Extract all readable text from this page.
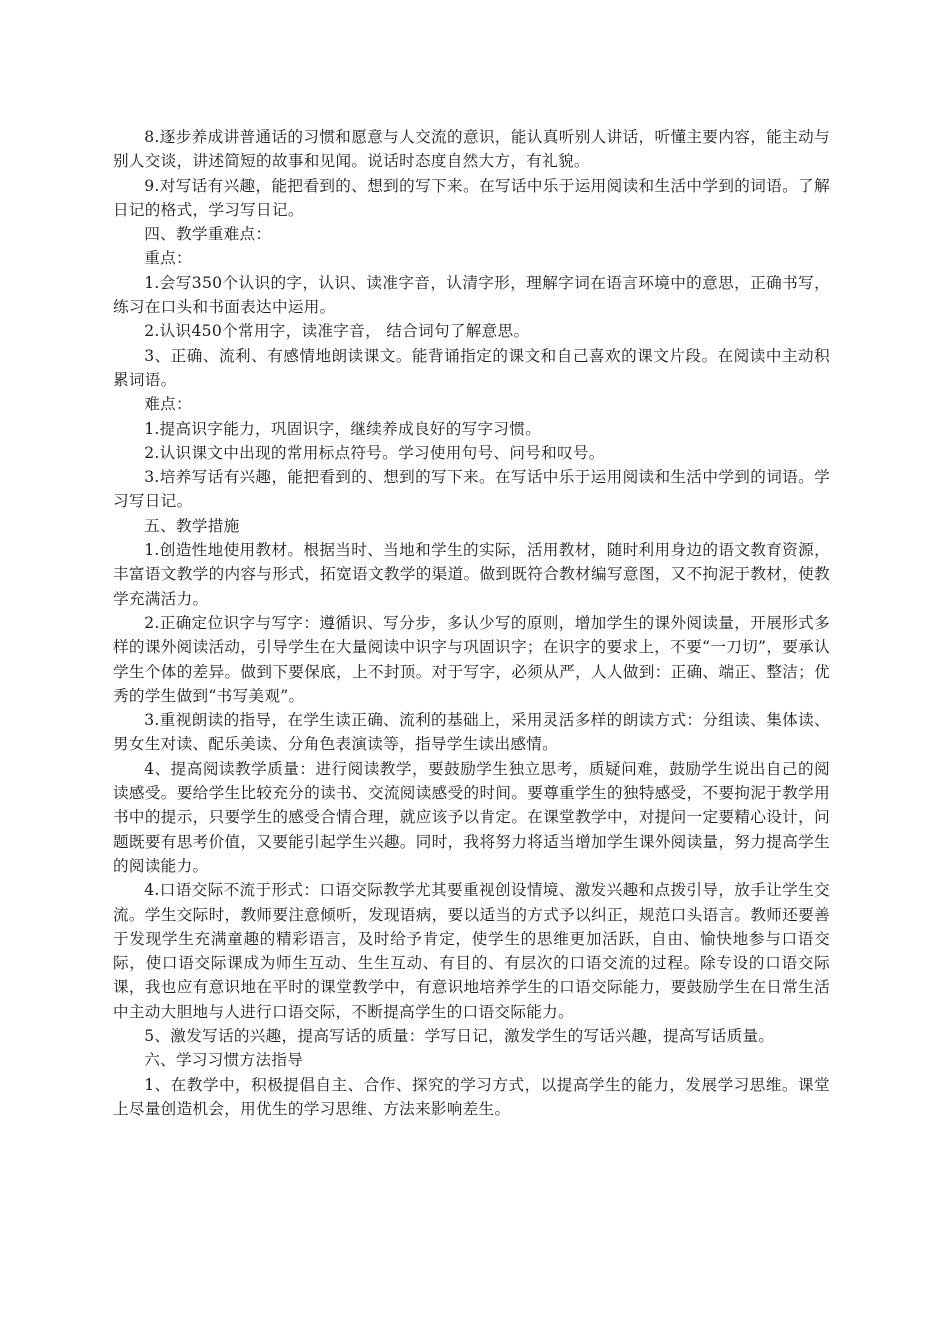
8.逐步养成讲普通话的习惯和愿意与人交流的意识，能认真听别人讲话，听懂主要内容，能主动与别人交谈，讲述简短的故事和见闻。说话时态度自然大方，有礼貌。

9.对写话有兴趣，能把看到的、想到的写下来。在写话中乐于运用阅读和生活中学到的词语。了解日记的格式，学习写日记。

四、教学重难点：

重点：

1.会写350个认识的字，认识、读准字音，认清字形，理解字词在语言环境中的意思，正确书写，练习在口头和书面表达中运用。

2.认识450个常用字，读准字音， 结合词句了解意思。

3、正确、流利、有感情地朗读课文。能背诵指定的课文和自己喜欢的课文片段。在阅读中主动积累词语。

难点：

1.提高识字能力，巩固识字，继续养成良好的写字习惯。

2.认识课文中出现的常用标点符号。学习使用句号、问号和叹号。

3.培养写话有兴趣，能把看到的、想到的写下来。在写话中乐于运用阅读和生活中学到的词语。学习写日记。

五、教学措施

1.创造性地使用教材。根据当时、当地和学生的实际，活用教材，随时利用身边的语文教育资源，丰富语文教学的内容与形式，拓宽语文教学的渠道。做到既符合教材编写意图，又不拘泥于教材，使教学充满活力。

2.正确定位识字与写字：遵循识、写分步，多认少写的原则，增加学生的课外阅读量，开展形式多样的课外阅读活动，引导学生在大量阅读中识字与巩固识字；在识字的要求上，不要“一刀切”，要承认学生个体的差异。做到下要保底，上不封顶。对于写字，必须从严，人人做到：正确、端正、整洁；优秀的学生做到“书写美观”。

3.重视朗读的指导，在学生读正确、流利的基础上，采用灵活多样的朗读方式：分组读、集体读、男女生对读、配乐美读、分角色表演读等，指导学生读出感情。

4、提高阅读教学质量：进行阅读教学，要鼓励学生独立思考，质疑问难，鼓励学生说出自己的阅读感受。要给学生比较充分的读书、交流阅读感受的时间。要尊重学生的独特感受，不要拘泥于教学用书中的提示，只要学生的感受合情合理，就应该予以肯定。在课堂教学中，对提问一定要精心设计，问题既要有思考价值，又要能引起学生兴趣。同时，我将努力将适当增加学生课外阅读量，努力提高学生的阅读能力。

4.口语交际不流于形式：口语交际教学尤其要重视创设情境、激发兴趣和点拨引导，放手让学生交流。学生交际时，教师要注意倾听，发现语病，要以适当的方式予以纠正，规范口头语言。教师还要善于发现学生充满童趣的精彩语言，及时给予肯定，使学生的思维更加活跃，自由、愉快地参与口语交际，使口语交际课成为师生互动、生生互动、有目的、有层次的口语交流的过程。除专设的口语交际课，我也应有意识地在平时的课堂教学中，有意识地培养学生的口语交际能力，要鼓励学生在日常生活中主动大胆地与人进行口语交际，不断提高学生的口语交际能力。

5、激发写话的兴趣，提高写话的质量：学写日记，激发学生的写话兴趣，提高写话质量。

六、学习习惯方法指导

1、在教学中，积极提倡自主、合作、探究的学习方式，以提高学生的能力，发展学习思维。课堂上尽量创造机会，用优生的学习思维、方法来影响差生。
